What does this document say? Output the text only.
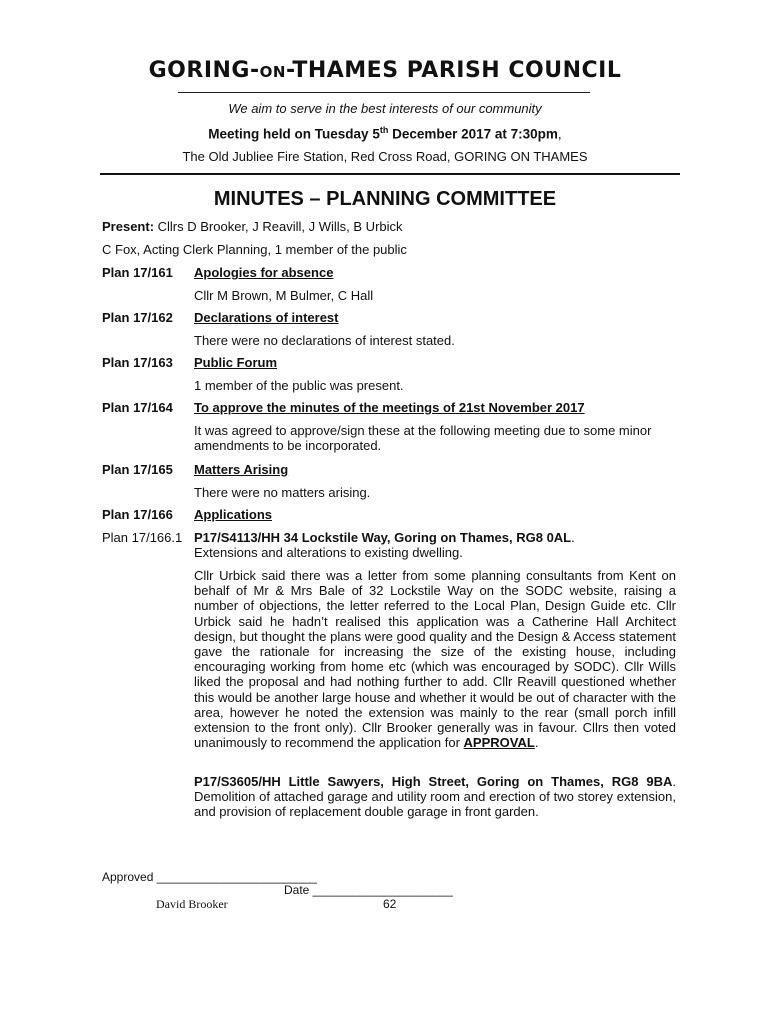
GORING-ON-THAMES PARISH COUNCIL
We aim to serve in the best interests of our community
Meeting held on Tuesday 5th December 2017 at 7:30pm,
The Old Jubliee Fire Station, Red Cross Road, GORING ON THAMES
MINUTES – PLANNING COMMITTEE
Present: Cllrs D Brooker, J Reavill, J Wills, B Urbick
C Fox, Acting Clerk Planning, 1 member of the public
Plan 17/161 Apologies for absence
Cllr M Brown, M Bulmer, C Hall
Plan 17/162 Declarations of interest
There were no declarations of interest stated.
Plan 17/163 Public Forum
1 member of the public was present.
Plan 17/164 To approve the minutes of the meetings of 21st November 2017
It was agreed to approve/sign these at the following meeting due to some minor amendments to be incorporated.
Plan 17/165 Matters Arising
There were no matters arising.
Plan 17/166 Applications
Plan 17/166.1 P17/S4113/HH 34 Lockstile Way, Goring on Thames, RG8 0AL.
Extensions and alterations to existing dwelling.
Cllr Urbick said there was a letter from some planning consultants from Kent on behalf of Mr & Mrs Bale of 32 Lockstile Way on the SODC website, raising a number of objections, the letter referred to the Local Plan, Design Guide etc. Cllr Urbick said he hadn’t realised this application was a Catherine Hall Architect design, but thought the plans were good quality and the Design & Access statement gave the rationale for increasing the size of the existing house, including encouraging working from home etc (which was encouraged by SODC). Cllr Wills liked the proposal and had nothing further to add. Cllr Reavill questioned whether this would be another large house and whether it would be out of character with the area, however he noted the extension was mainly to the rear (small porch infill extension to the front only). Cllr Brooker generally was in favour. Cllrs then voted unanimously to recommend the application for APPROVAL.
P17/S3605/HH Little Sawyers, High Street, Goring on Thames, RG8 9BA. Demolition of attached garage and utility room and erection of two storey extension, and provision of replacement double garage in front garden.
Approved ________________________
Date _____________________
David Brooker	62
